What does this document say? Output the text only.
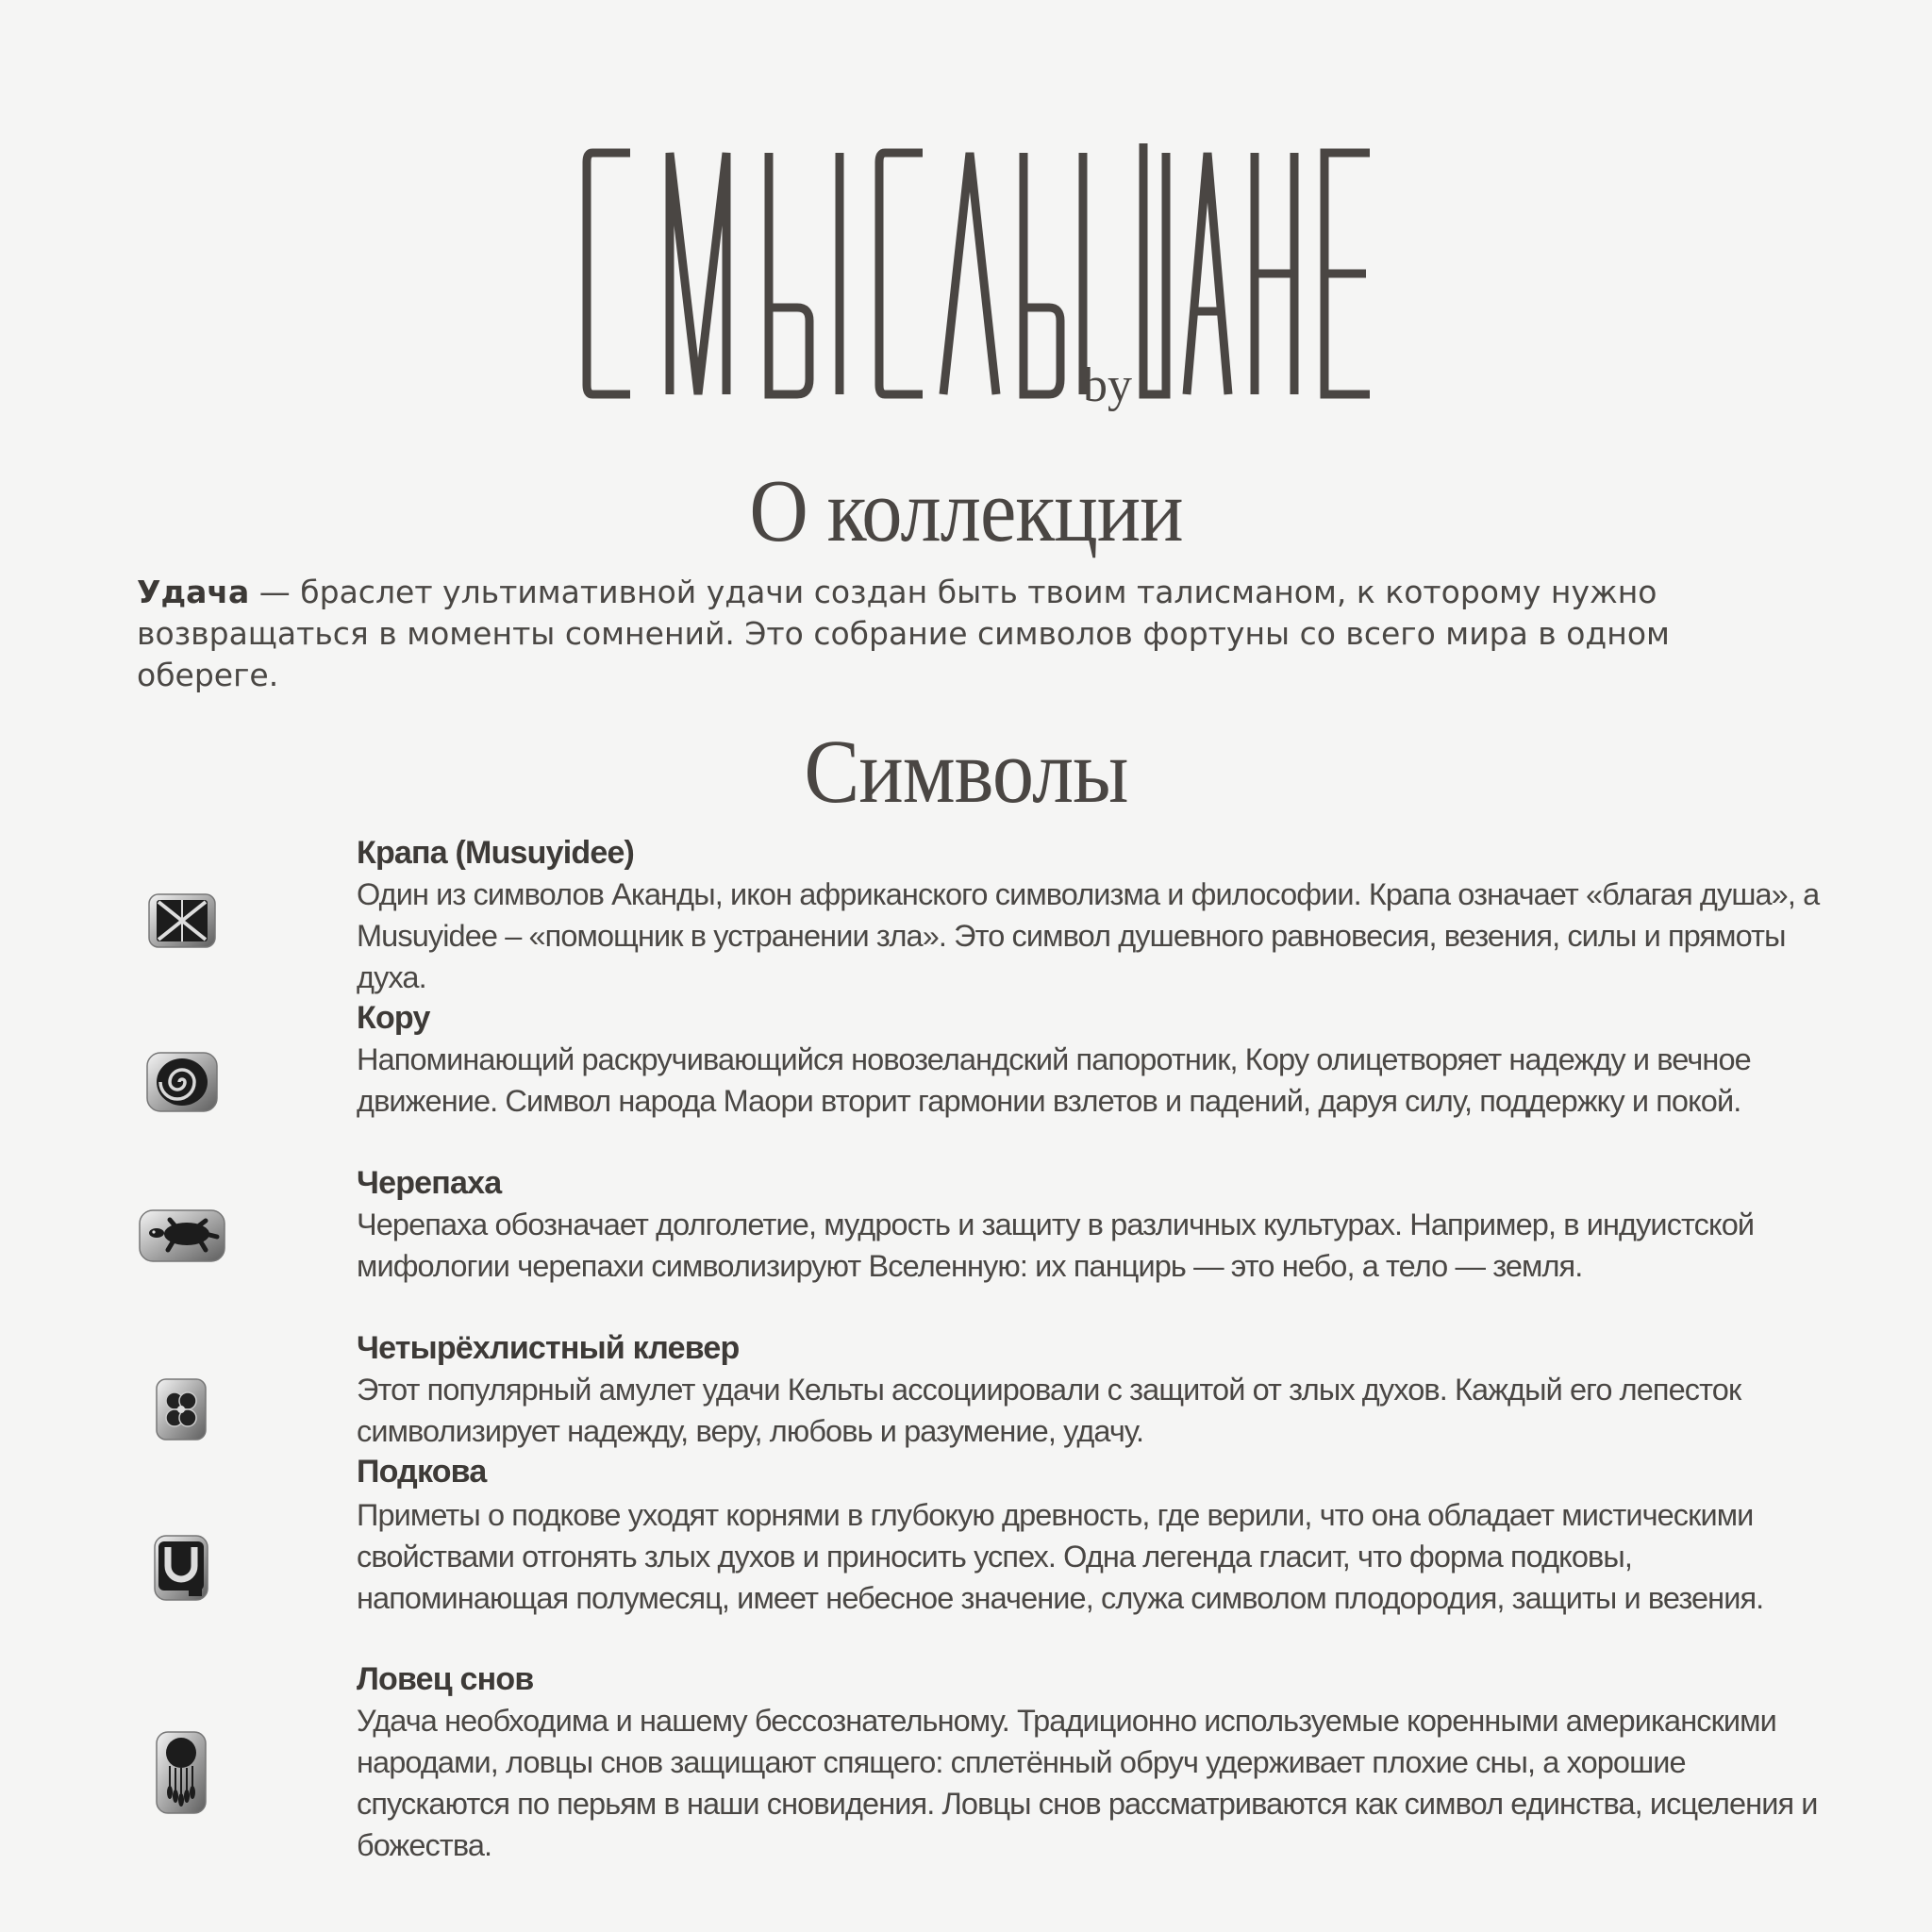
by
О коллекции

Удача — браслет ультимативной удачи создан быть твоим талисманом, к которому нужно возвращаться в моменты сомнений. Это собрание символов фортуны со всего мира в одном обереге.

Символы
Крапа (Musuyidee)

Один из символов Аканды, икон африканского символизма и философии. Крапа означает «благая душа», а Musuyidee – «помощник в устранении зла». Это символ душевного равновесия, везения, силы и прямоты духа.

Кору

Напоминающий раскручивающийся новозеландский папоротник, Кору олицетворяет надежду и вечное движение. Символ народа Маори вторит гармонии взлетов и падений, даруя силу, поддержку и покой.

Черепаха

Черепаха обозначает долголетие, мудрость и защиту в различных культурах. Например, в индуистской мифологии черепахи символизируют Вселенную: их панцирь — это небо, а тело — земля.

Четырёхлистный клевер

Этот популярный амулет удачи Кельты ассоциировали с защитой от злых духов. Каждый его лепесток символизирует надежду, веру, любовь и разумение, удачу.

Подкова

Приметы о подкове уходят корнями в глубокую древность, где верили, что она обладает мистическими свойствами отгонять злых духов и приносить успех. Одна легенда гласит, что форма подковы, напоминающая полумесяц, имеет небесное значение, служа символом плодородия, защиты и везения.

Ловец снов

Удача необходима и нашему бессознательному. Традиционно используемые коренными американскими народами, ловцы снов защищают спящего: сплетённый обруч удерживает плохие сны, а хорошие спускаются по перьям в наши сновидения. Ловцы снов рассматриваются как символ единства, исцеления и божества.
